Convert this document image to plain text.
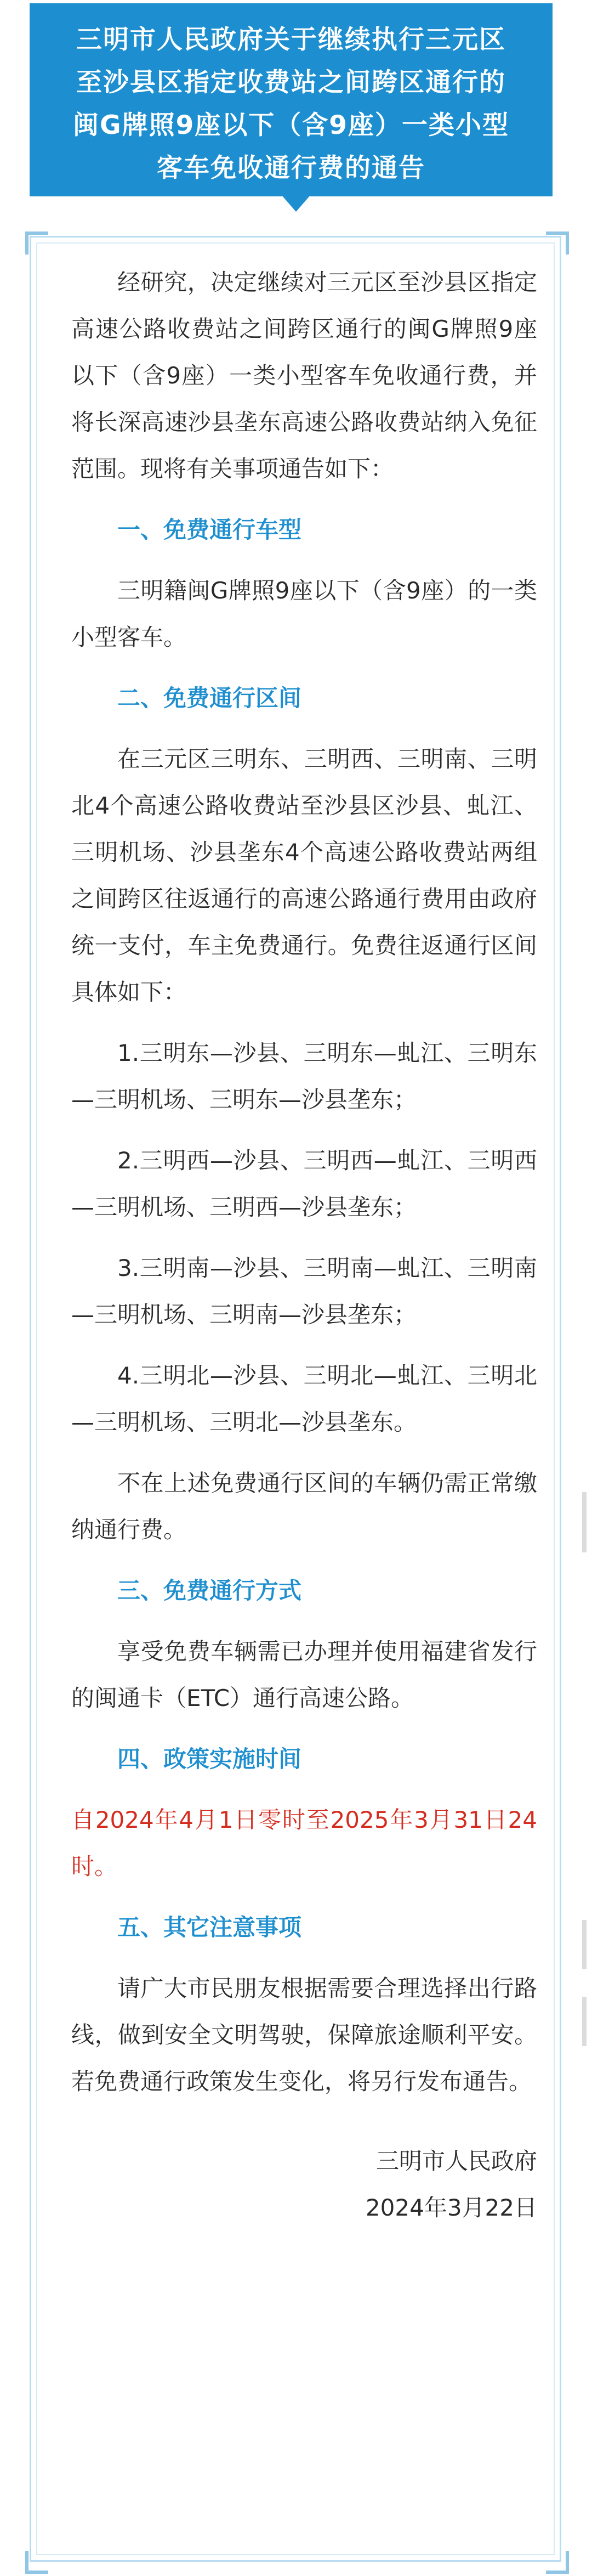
三明市人民政府关于继续执行三元区
至沙县区指定收费站之间跨区通行的
闽G牌照9座以下（含9座）一类小型
客车免收通行费的通告

经研究，决定继续对三元区至沙县区指定高速公路收费站之间跨区通行的闽G牌照9座以下（含9座）一类小型客车免收通行费，并将长深高速沙县垄东高速公路收费站纳入免征范围。现将有关事项通告如下：

一、免费通行车型

三明籍闽G牌照9座以下（含9座）的一类小型客车。

二、免费通行区间

在三元区三明东、三明西、三明南、三明北4个高速公路收费站至沙县区沙县、虬江、三明机场、沙县垄东4个高速公路收费站两组之间跨区往返通行的高速公路通行费用由政府统一支付，车主免费通行。免费往返通行区间具体如下：

1.三明东—沙县、三明东—虬江、三明东—三明机场、三明东—沙县垄东；

2.三明西—沙县、三明西—虬江、三明西—三明机场、三明西—沙县垄东；

3.三明南—沙县、三明南—虬江、三明南—三明机场、三明南—沙县垄东；

4.三明北—沙县、三明北—虬江、三明北—三明机场、三明北—沙县垄东。

不在上述免费通行区间的车辆仍需正常缴纳通行费。

三、免费通行方式

享受免费车辆需已办理并使用福建省发行的闽通卡（ETC）通行高速公路。

四、政策实施时间

自2024年4月1日零时至2025年3月31日24时。

五、其它注意事项

请广大市民朋友根据需要合理选择出行路线，做到安全文明驾驶，保障旅途顺利平安。若免费通行政策发生变化，将另行发布通告。

三明市人民政府
2024年3月22日
